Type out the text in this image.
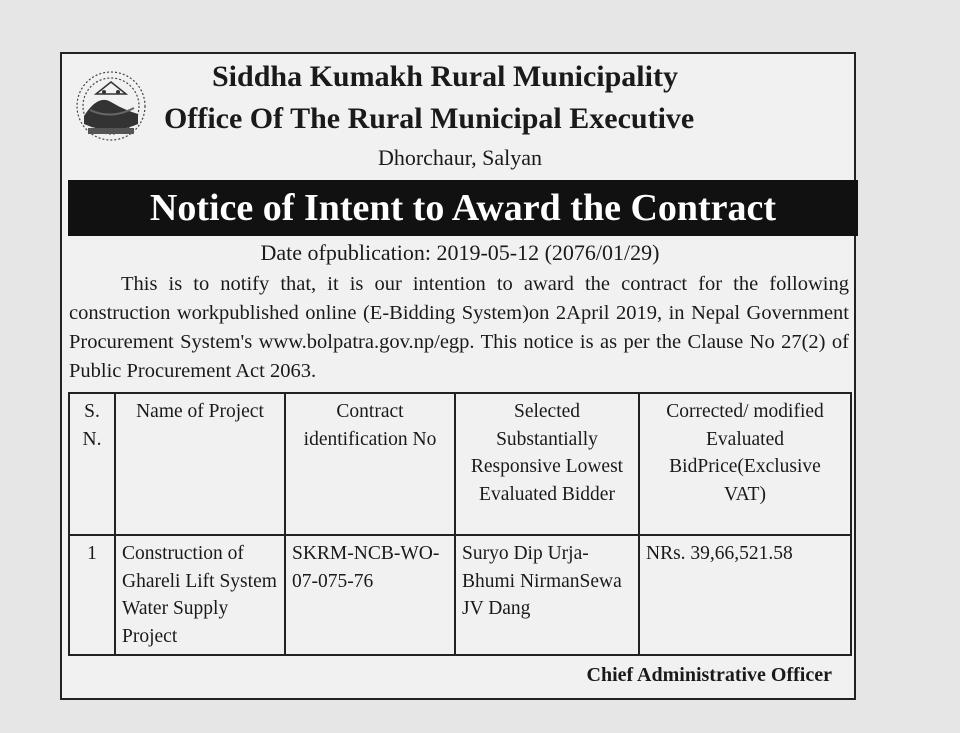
Siddha Kumakh Rural Municipality
Office Of The Rural Municipal Executive
Dhorchaur, Salyan
Notice of Intent to Award the Contract
Date ofpublication: 2019-05-12 (2076/01/29)
This is to notify that, it is our intention to award the contract for the following construction workpublished online (E-Bidding System)on 2April 2019, in Nepal Government Procurement System's www.bolpatra.gov.np/egp. This notice is as per the Clause No 27(2) of Public Procurement Act 2063.
S. N.	Name of Project	Contract identification No	Selected Substantially Responsive Lowest Evaluated Bidder	Corrected/ modified Evaluated BidPrice(Exclusive VAT)
1	Construction of Ghareli Lift System Water Supply Project	SKRM-NCB-WO-07-075-76	Suryo Dip Urja-Bhumi NirmanSewa JV Dang	NRs. 39,66,521.58
Chief Administrative Officer
